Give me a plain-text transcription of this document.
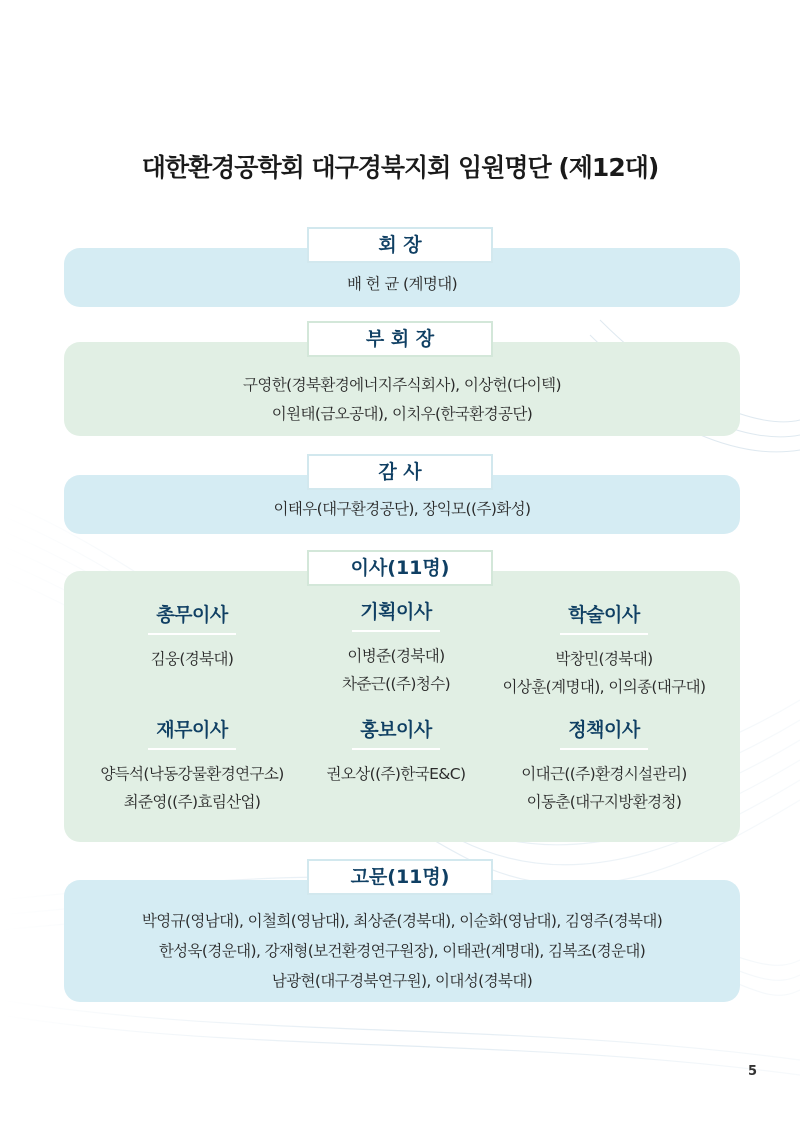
대한환경공학회 대구경북지회 임원명단 (제12대)
회 장
배 헌 균 (계명대)
부 회 장
구영한(경북환경에너지주식회사), 이상헌(다이텍)
이원태(금오공대), 이치우(한국환경공단)
감 사
이태우(대구환경공단), 장익모((주)화성)
이사(11명)
총무이사
김웅(경북대)
기획이사
이병준(경북대)
차준근((주)청수)
학술이사
박창민(경북대)
이상훈(계명대), 이의종(대구대)
재무이사
양득석(낙동강물환경연구소)
최준영((주)효림산업)
홍보이사
권오상((주)한국E&C)
정책이사
이대근((주)환경시설관리)
이동춘(대구지방환경청)
고문(11명)
박영규(영남대), 이철희(영남대), 최상준(경북대), 이순화(영남대), 김영주(경북대)
한성욱(경운대), 강재형(보건환경연구원장), 이태관(계명대), 김복조(경운대)
남광현(대구경북연구원), 이대성(경북대)
5
